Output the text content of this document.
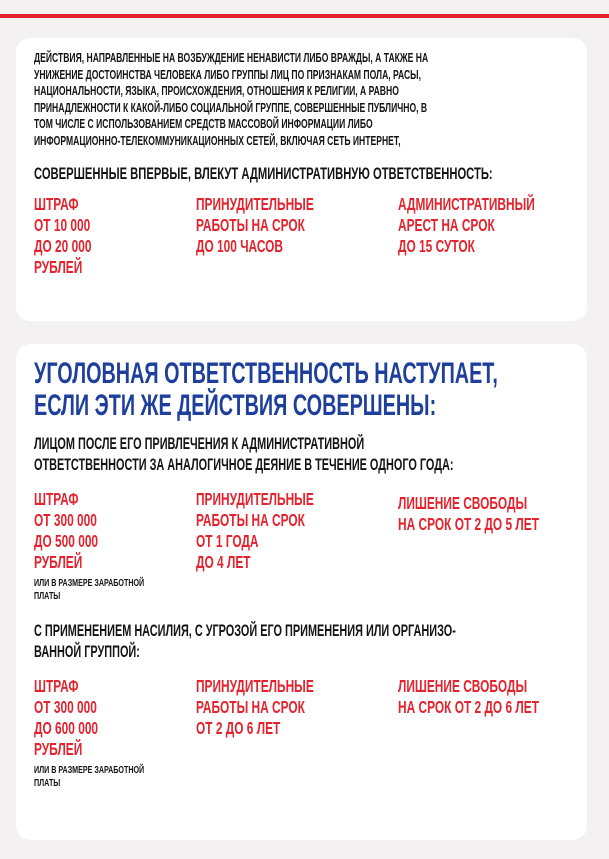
ДЕЙСТВИЯ, НАПРАВЛЕННЫЕ НА ВОЗБУЖДЕНИЕ НЕНАВИСТИ ЛИБО ВРАЖДЫ, А ТАКЖЕ НА
УНИЖЕНИЕ ДОСТОИНСТВА ЧЕЛОВЕКА ЛИБО ГРУППЫ ЛИЦ ПО ПРИЗНАКАМ ПОЛА, РАСЫ,
НАЦИОНАЛЬНОСТИ, ЯЗЫКА, ПРОИСХОЖДЕНИЯ, ОТНОШЕНИЯ К РЕЛИГИИ, А РАВНО
ПРИНАДЛЕЖНОСТИ К КАКОЙ-ЛИБО СОЦИАЛЬНОЙ ГРУППЕ, СОВЕРШЕННЫЕ ПУБЛИЧНО, В
ТОМ ЧИСЛЕ С ИСПОЛЬЗОВАНИЕМ СРЕДСТВ МАССОВОЙ ИНФОРМАЦИИ ЛИБО
ИНФОРМАЦИОННО-ТЕЛЕКОММУНИКАЦИОННЫХ СЕТЕЙ, ВКЛЮЧАЯ СЕТЬ ИНТЕРНЕТ,
СОВЕРШЕННЫЕ ВПЕРВЫЕ, ВЛЕКУТ АДМИНИСТРАТИВНУЮ ОТВЕТСТВЕННОСТЬ:
ШТРАФ
ОТ 10 000
ДО 20 000
РУБЛЕЙ
ПРИНУДИТЕЛЬНЫЕ
РАБОТЫ НА СРОК
ДО 100 ЧАСОВ
АДМИНИСТРАТИВНЫЙ
АРЕСТ НА СРОК
ДО 15 СУТОК
УГОЛОВНАЯ ОТВЕТСТВЕННОСТЬ НАСТУПАЕТ,
ЕСЛИ ЭТИ ЖЕ ДЕЙСТВИЯ СОВЕРШЕНЫ:
ЛИЦОМ ПОСЛЕ ЕГО ПРИВЛЕЧЕНИЯ К АДМИНИСТРАТИВНОЙ
ОТВЕТСТВЕННОСТИ ЗА АНАЛОГИЧНОЕ ДЕЯНИЕ В ТЕЧЕНИЕ ОДНОГО ГОДА:
ШТРАФ
ОТ 300 000
ДО 500 000
РУБЛЕЙ
ИЛИ В РАЗМЕРЕ ЗАРАБОТНОЙ
ПЛАТЫ
ПРИНУДИТЕЛЬНЫЕ
РАБОТЫ НА СРОК
ОТ 1 ГОДА
ДО 4 ЛЕТ
ЛИШЕНИЕ СВОБОДЫ
НА СРОК ОТ 2 ДО 5 ЛЕТ
С ПРИМЕНЕНИЕМ НАСИЛИЯ, С УГРОЗОЙ ЕГО ПРИМЕНЕНИЯ ИЛИ ОРГАНИЗО-
ВАННОЙ ГРУППОЙ:
ШТРАФ
ОТ 300 000
ДО 600 000
РУБЛЕЙ
ИЛИ В РАЗМЕРЕ ЗАРАБОТНОЙ
ПЛАТЫ
ПРИНУДИТЕЛЬНЫЕ
РАБОТЫ НА СРОК
ОТ 2 ДО 6 ЛЕТ
ЛИШЕНИЕ СВОБОДЫ
НА СРОК ОТ 2 ДО 6 ЛЕТ
